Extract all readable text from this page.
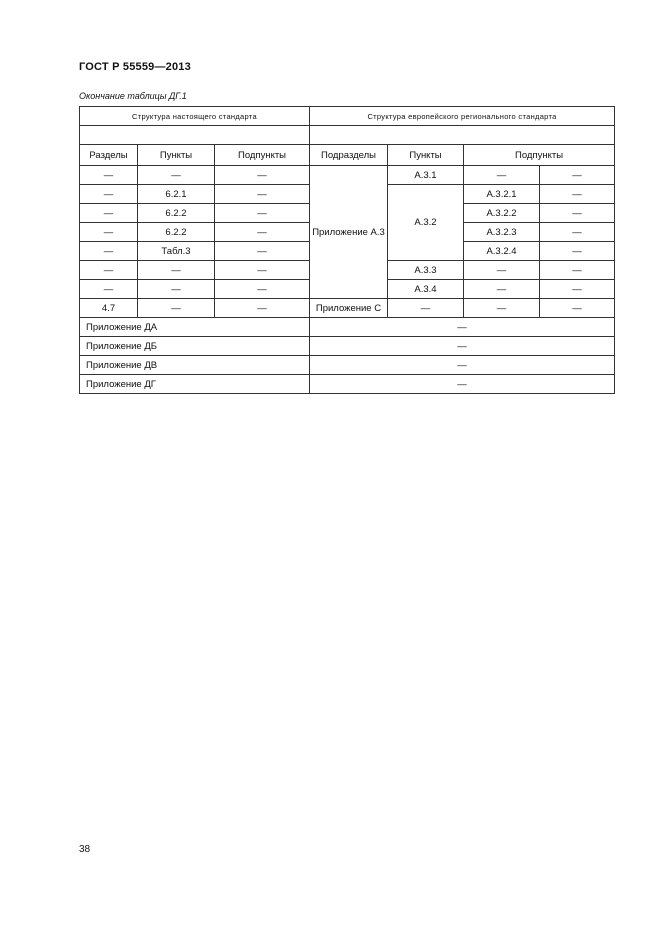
ГОСТ Р 55559—2013
Окончание таблицы ДГ.1
Структура настоящего стандарта			Структура европейского регионального стандарта			

Разделы	Пункты	Подпункты	Подразделы	Пункты	Подпункты	
—	—	—	Приложение А.3	А.3.1	—	—
—	6.2.1	—		А.3.2	А.3.2.1	—
—	6.2.2	—			А.3.2.2	—
—	6.2.2	—			А.3.2.3	—
—	Табл.3	—			А.3.2.4	—
—	—	—		А.3.3	—	—
—	—	—		А.3.4	—	—
4.7	—	—	Приложение С	—	—	—
Приложение ДА			—			
Приложение ДБ			—			
Приложение ДВ			—			
Приложение ДГ			—			
38
